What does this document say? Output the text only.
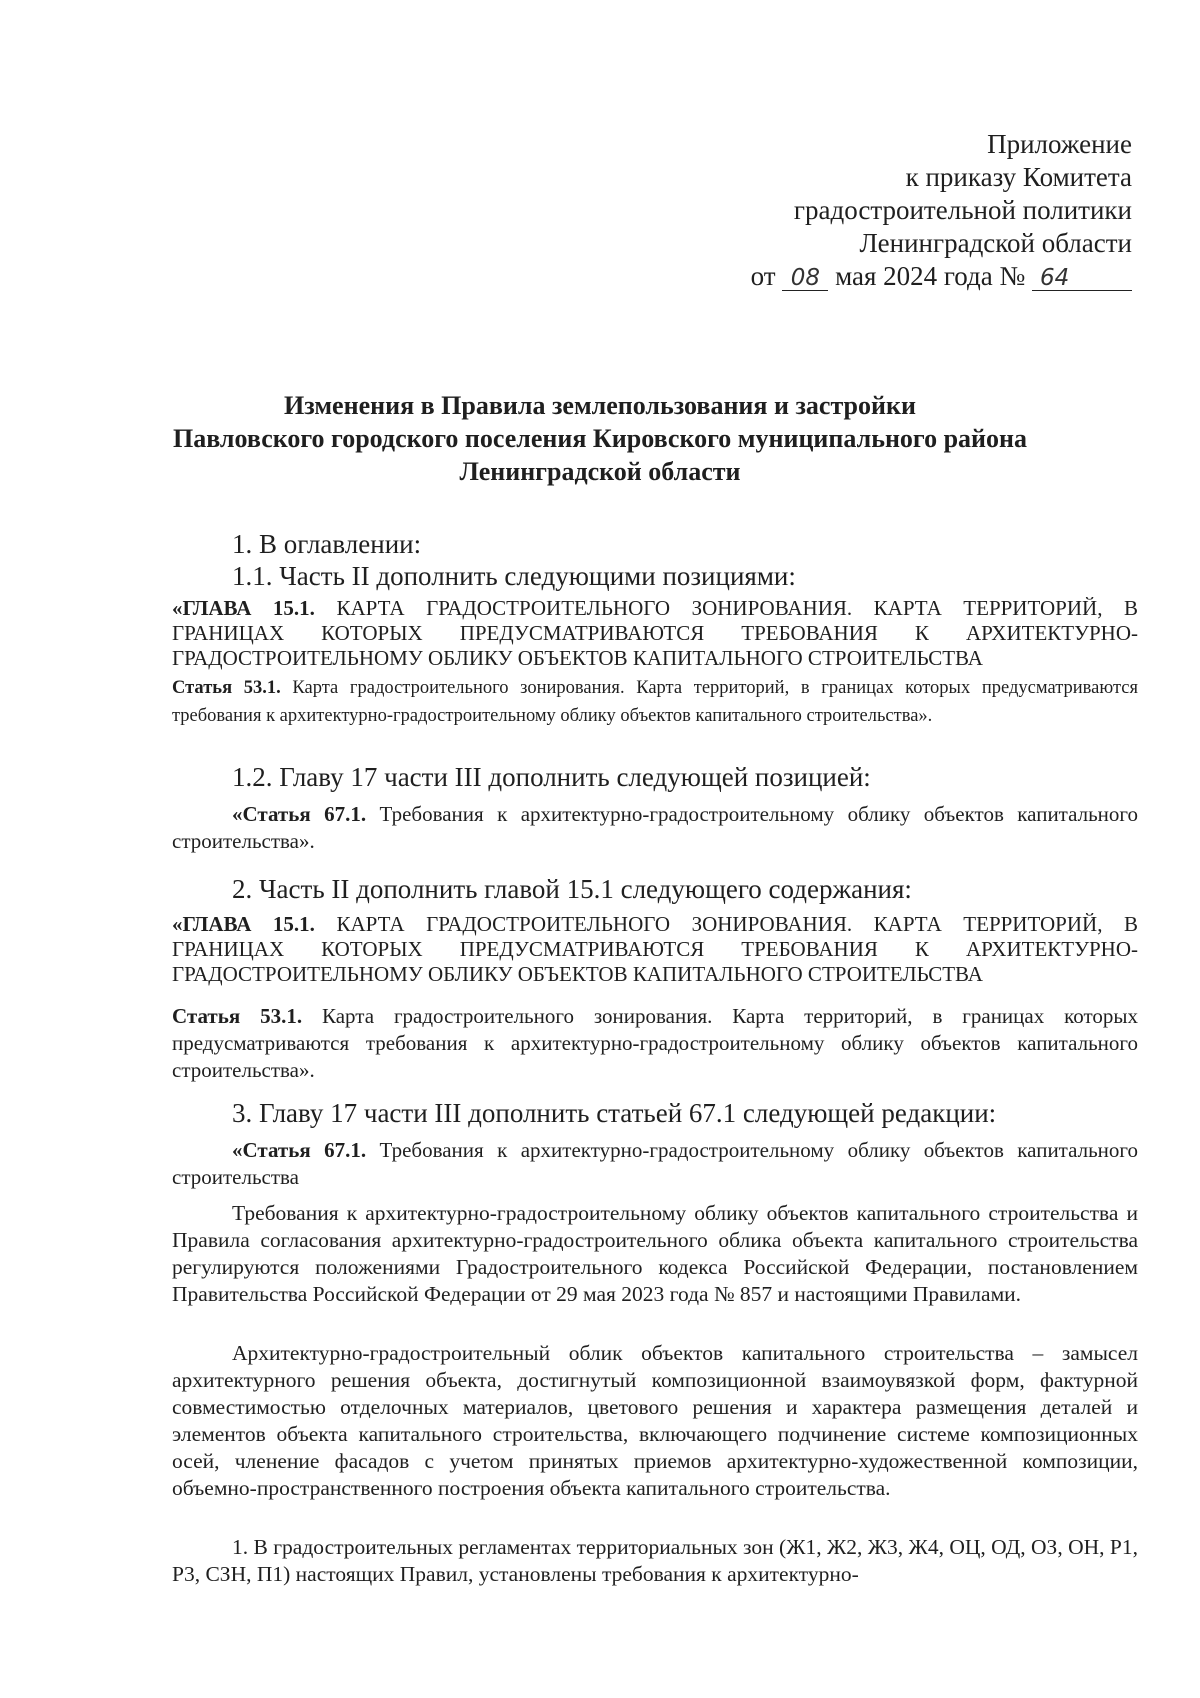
Приложение
к приказу Комитета
градостроительной политики
Ленинградской области
от 08 мая 2024 года № 64
Изменения в Правила землепользования и застройки
Павловского городского поселения Кировского муниципального района
Ленинградской области
1. В оглавлении:
1.1. Часть II дополнить следующими позициями:
«ГЛАВА 15.1. КАРТА ГРАДОСТРОИТЕЛЬНОГО ЗОНИРОВАНИЯ. КАРТА ТЕРРИТОРИЙ, В ГРАНИЦАХ КОТОРЫХ ПРЕДУСМАТРИВАЮТСЯ ТРЕБОВАНИЯ К АРХИТЕКТУРНО-ГРАДОСТРОИТЕЛЬНОМУ ОБЛИКУ ОБЪЕКТОВ КАПИТАЛЬНОГО СТРОИТЕЛЬСТВА
Статья 53.1. Карта градостроительного зонирования. Карта территорий, в границах которых предусматриваются требования к архитектурно-градостроительному облику объектов капитального строительства».
1.2. Главу 17 части III дополнить следующей позицией:
«Статья 67.1. Требования к архитектурно-градостроительному облику объектов капитального строительства».
2. Часть II дополнить главой 15.1 следующего содержания:
«ГЛАВА 15.1. КАРТА ГРАДОСТРОИТЕЛЬНОГО ЗОНИРОВАНИЯ. КАРТА ТЕРРИТОРИЙ, В ГРАНИЦАХ КОТОРЫХ ПРЕДУСМАТРИВАЮТСЯ ТРЕБОВАНИЯ К АРХИТЕКТУРНО-ГРАДОСТРОИТЕЛЬНОМУ ОБЛИКУ ОБЪЕКТОВ КАПИТАЛЬНОГО СТРОИТЕЛЬСТВА
Статья 53.1. Карта градостроительного зонирования. Карта территорий, в границах которых предусматриваются требования к архитектурно-градостроительному облику объектов капитального строительства».
3. Главу 17 части III дополнить статьей 67.1 следующей редакции:
«Статья 67.1. Требования к архитектурно-градостроительному облику объектов капитального строительства
Требования к архитектурно-градостроительному облику объектов капитального строительства и Правила согласования архитектурно-градостроительного облика объекта капитального строительства регулируются положениями Градостроительного кодекса Российской Федерации, постановлением Правительства Российской Федерации от 29 мая 2023 года № 857 и настоящими Правилами.
Архитектурно-градостроительный облик объектов капитального строительства – замысел архитектурного решения объекта, достигнутый композиционной взаимоувязкой форм, фактурной совместимостью отделочных материалов, цветового решения и характера размещения деталей и элементов объекта капитального строительства, включающего подчинение системе композиционных осей, членение фасадов с учетом принятых приемов архитектурно-художественной композиции, объемно-пространственного построения объекта капитального строительства.
1. В градостроительных регламентах территориальных зон (Ж1, Ж2, Ж3, Ж4, ОЦ, ОД, ОЗ, ОН, Р1, Р3, СЗН, П1) настоящих Правил, установлены требования к архитектурно-
